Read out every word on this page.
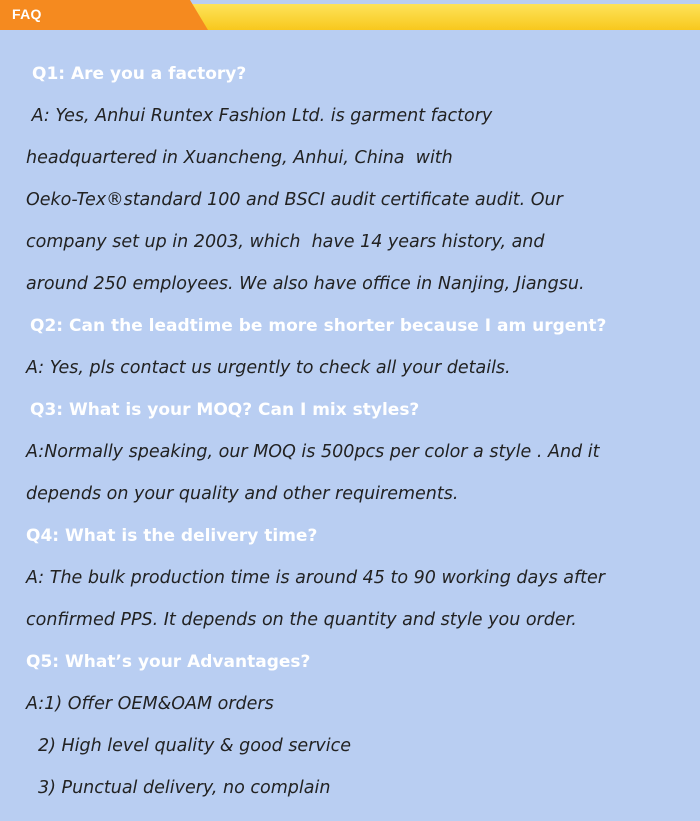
FAQ
Q1: Are you a factory?
A: Yes, Anhui Runtex Fashion Ltd. is garment factory
headquartered in Xuancheng, Anhui, China  with
Oeko-Tex®standard 100 and BSCI audit certificate audit. Our
company set up in 2003, which  have 14 years history, and
around 250 employees. We also have office in Nanjing, Jiangsu.
Q2: Can the leadtime be more shorter because I am urgent?
A: Yes, pls contact us urgently to check all your details.
Q3: What is your MOQ? Can I mix styles?
A:Normally speaking, our MOQ is 500pcs per color a style . And it
depends on your quality and other requirements.
Q4: What is the delivery time?
A: The bulk production time is around 45 to 90 working days after
confirmed PPS. It depends on the quantity and style you order.
Q5: What’s your Advantages?
A:1) Offer OEM&OAM orders
2) High level quality & good service
3) Punctual delivery, no complain
